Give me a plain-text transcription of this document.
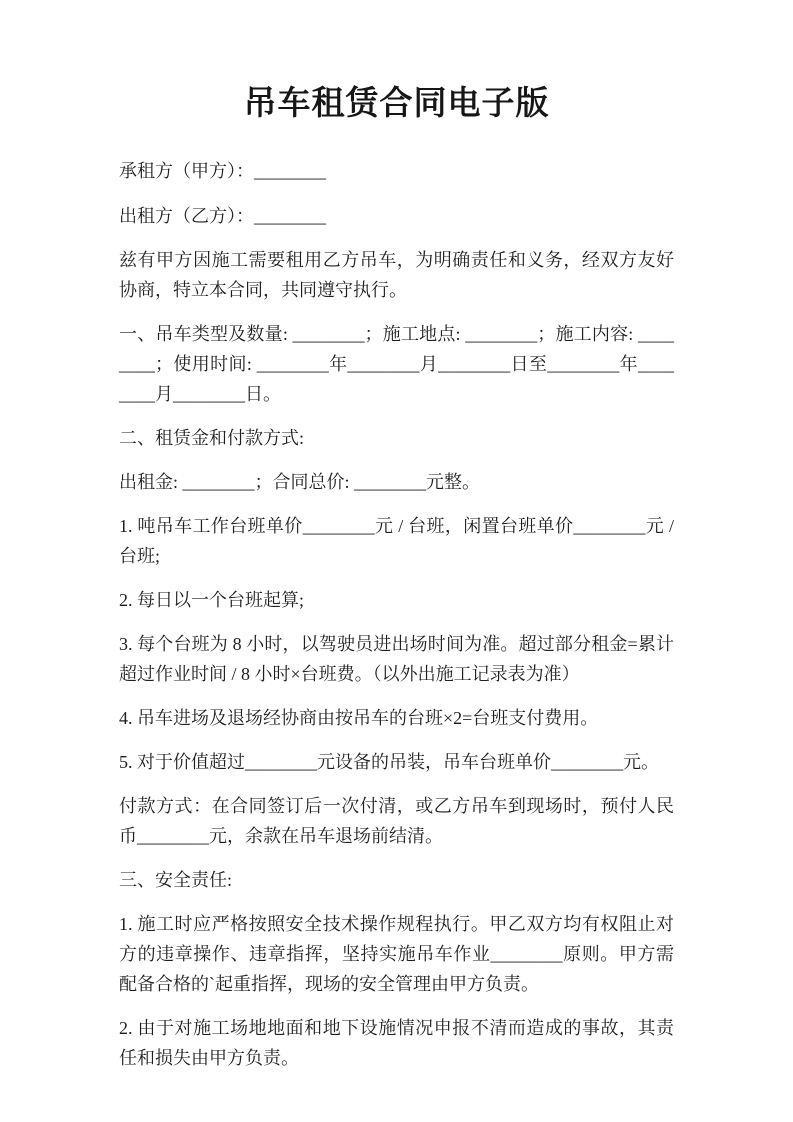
吊车租赁合同电子版

承租方（甲方）：________

出租方（乙方）：________

兹有甲方因施工需要租用乙方吊车，为明确责任和义务，经双方友好协商，特立本合同，共同遵守执行。

一、吊车类型及数量: ________；施工地点: ________；施工内容: ________；使用时间: ________年________月________日至________年________月________日。

二、租赁金和付款方式:

出租金: ________；合同总价: ________元整。

1. 吨吊车工作台班单价________元 / 台班，闲置台班单价________元 / 台班;

2. 每日以一个台班起算;

3. 每个台班为 8 小时，以驾驶员进出场时间为准。超过部分租金=累计超过作业时间 / 8 小时×台班费。（以外出施工记录表为准）

4. 吊车进场及退场经协商由按吊车的台班×2=台班支付费用。

5. 对于价值超过________元设备的吊装，吊车台班单价________元。

付款方式：在合同签订后一次付清，或乙方吊车到现场时，预付人民币________元，余款在吊车退场前结清。

三、安全责任:

1. 施工时应严格按照安全技术操作规程执行。甲乙双方均有权阻止对方的违章操作、违章指挥，坚持实施吊车作业________原则。甲方需配备合格的`起重指挥，现场的安全管理由甲方负责。

2. 由于对施工场地地面和地下设施情况申报不清而造成的事故，其责任和损失由甲方负责。
